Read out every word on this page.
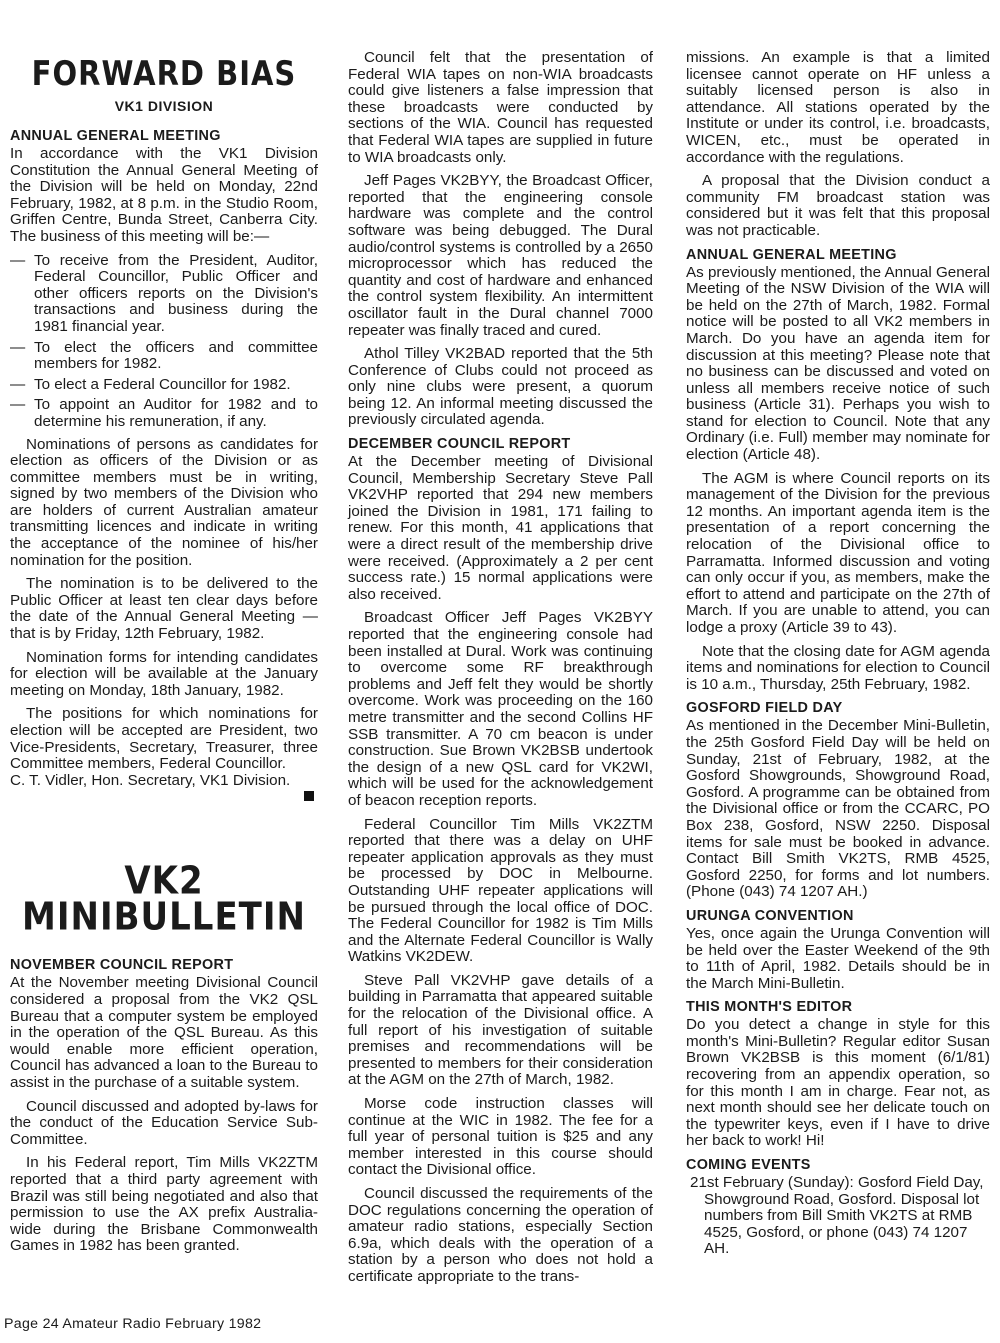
FORWARD BIAS
VK1 DIVISION
ANNUAL GENERAL MEETING

In accordance with the VK1 Division Constitution the Annual General Meeting of the Division will be held on Monday, 22nd February, 1982, at 8 p.m. in the Studio Room, Griffen Centre, Bunda Street, Canberra City. The business of this meeting will be:—

— To receive from the President, Auditor, Federal Councillor, Public Officer and other officers reports on the Division's transactions and business during the 1981 financial year.
— To elect the officers and committee members for 1982.
— To elect a Federal Councillor for 1982.
— To appoint an Auditor for 1982 and to determine his remuneration, if any.

Nominations of persons as candidates for election as officers of the Division or as committee members must be in writing, signed by two members of the Division who are holders of current Australian amateur transmitting licences and indicate in writing the acceptance of the nominee of his/her nomination for the position.

The nomination is to be delivered to the Public Officer at least ten clear days before the date of the Annual General Meeting — that is by Friday, 12th February, 1982.

Nomination forms for intending candidates for election will be available at the January meeting on Monday, 18th January, 1982.

The positions for which nominations for election will be accepted are President, two Vice-Presidents, Secretary, Treasurer, three Committee members, Federal Councillor.

C. T. Vidler, Hon. Secretary, VK1 Division.

VK2
MINIBULLETIN
NOVEMBER COUNCIL REPORT

At the November meeting Divisional Council considered a proposal from the VK2 QSL Bureau that a computer system be employed in the operation of the QSL Bureau. As this would enable more efficient operation, Council has advanced a loan to the Bureau to assist in the purchase of a suitable system.

Council discussed and adopted by-laws for the conduct of the Education Service Sub-Committee.

In his Federal report, Tim Mills VK2ZTM reported that a third party agreement with Brazil was still being negotiated and also that permission to use the AX prefix Australia-wide during the Brisbane Commonwealth Games in 1982 has been granted.

Council felt that the presentation of Federal WIA tapes on non-WIA broadcasts could give listeners a false impression that these broadcasts were conducted by sections of the WIA. Council has requested that Federal WIA tapes are supplied in future to WIA broadcasts only.

Jeff Pages VK2BYY, the Broadcast Officer, reported that the engineering console hardware was complete and the control software was being debugged. The Dural audio/control systems is controlled by a 2650 microprocessor which has reduced the quantity and cost of hardware and enhanced the control system flexibility. An intermittent oscillator fault in the Dural channel 7000 repeater was finally traced and cured.

Athol Tilley VK2BAD reported that the 5th Conference of Clubs could not proceed as only nine clubs were present, a quorum being 12. An informal meeting discussed the previously circulated agenda.

DECEMBER COUNCIL REPORT

At the December meeting of Divisional Council, Membership Secretary Steve Pall VK2VHP reported that 294 new members joined the Division in 1981, 171 failing to renew. For this month, 41 applications that were a direct result of the membership drive were received. (Approximately a 2 per cent success rate.) 15 normal applications were also received.

Broadcast Officer Jeff Pages VK2BYY reported that the engineering console had been installed at Dural. Work was continuing to overcome some RF breakthrough problems and Jeff felt they would be shortly overcome. Work was proceeding on the 160 metre transmitter and the second Collins HF SSB transmitter. A 70 cm beacon is under construction. Sue Brown VK2BSB undertook the design of a new QSL card for VK2WI, which will be used for the acknowledgement of beacon reception reports.

Federal Councillor Tim Mills VK2ZTM reported that there was a delay on UHF repeater application approvals as they must be processed by DOC in Melbourne. Outstanding UHF repeater applications will be pursued through the local office of DOC. The Federal Councillor for 1982 is Tim Mills and the Alternate Federal Councillor is Wally Watkins VK2DEW.

Steve Pall VK2VHP gave details of a building in Parramatta that appeared suitable for the relocation of the Divisional office. A full report of his investigation of suitable premises and recommendations will be presented to members for their consideration at the AGM on the 27th of March, 1982.

Morse code instruction classes will continue at the WIC in 1982. The fee for a full year of personal tuition is $25 and any member interested in this course should contact the Divisional office.

Council discussed the requirements of the DOC regulations concerning the operation of amateur radio stations, especially Section 6.9a, which deals with the operation of a station by a person who does not hold a certificate appropriate to the trans-

missions. An example is that a limited licensee cannot operate on HF unless a suitably licensed person is also in attendance. All stations operated by the Institute or under its control, i.e. broadcasts, WICEN, etc., must be operated in accordance with the regulations.

A proposal that the Division conduct a community FM broadcast station was considered but it was felt that this proposal was not practicable.

ANNUAL GENERAL MEETING

As previously mentioned, the Annual General Meeting of the NSW Division of the WIA will be held on the 27th of March, 1982. Formal notice will be posted to all VK2 members in March. Do you have an agenda item for discussion at this meeting? Please note that no business can be discussed and voted on unless all members receive notice of such business (Article 31). Perhaps you wish to stand for election to Council. Note that any Ordinary (i.e. Full) member may nominate for election (Article 48).

The AGM is where Council reports on its management of the Division for the previous 12 months. An important agenda item is the presentation of a report concerning the relocation of the Divisional office to Parramatta. Informed discussion and voting can only occur if you, as members, make the effort to attend and participate on the 27th of March. If you are unable to attend, you can lodge a proxy (Article 39 to 43).

Note that the closing date for AGM agenda items and nominations for election to Council is 10 a.m., Thursday, 25th February, 1982.

GOSFORD FIELD DAY

As mentioned in the December Mini-Bulletin, the 25th Gosford Field Day will be held on Sunday, 21st of February, 1982, at the Gosford Showgrounds, Showground Road, Gosford. A programme can be obtained from the Divisional office or from the CCARC, PO Box 238, Gosford, NSW 2250. Disposal items for sale must be booked in advance. Contact Bill Smith VK2TS, RMB 4525, Gosford 2250, for forms and lot numbers. (Phone (043) 74 1207 AH.)

URUNGA CONVENTION

Yes, once again the Urunga Convention will be held over the Easter Weekend of the 9th to 11th of April, 1982. Details should be in the March Mini-Bulletin.

THIS MONTH'S EDITOR

Do you detect a change in style for this month's Mini-Bulletin? Regular editor Susan Brown VK2BSB is this moment (6/1/81) recovering from an appendix operation, so for this month I am in charge. Fear not, as next month should see her delicate touch on the typewriter keys, even if I have to drive her back to work! Hi!

COMING EVENTS
21st February (Sunday): Gosford Field Day, Showground Road, Gosford. Disposal lot numbers from Bill Smith VK2TS at RMB 4525, Gosford, or phone (043) 74 1207 AH.
Page 24 Amateur Radio February 1982
